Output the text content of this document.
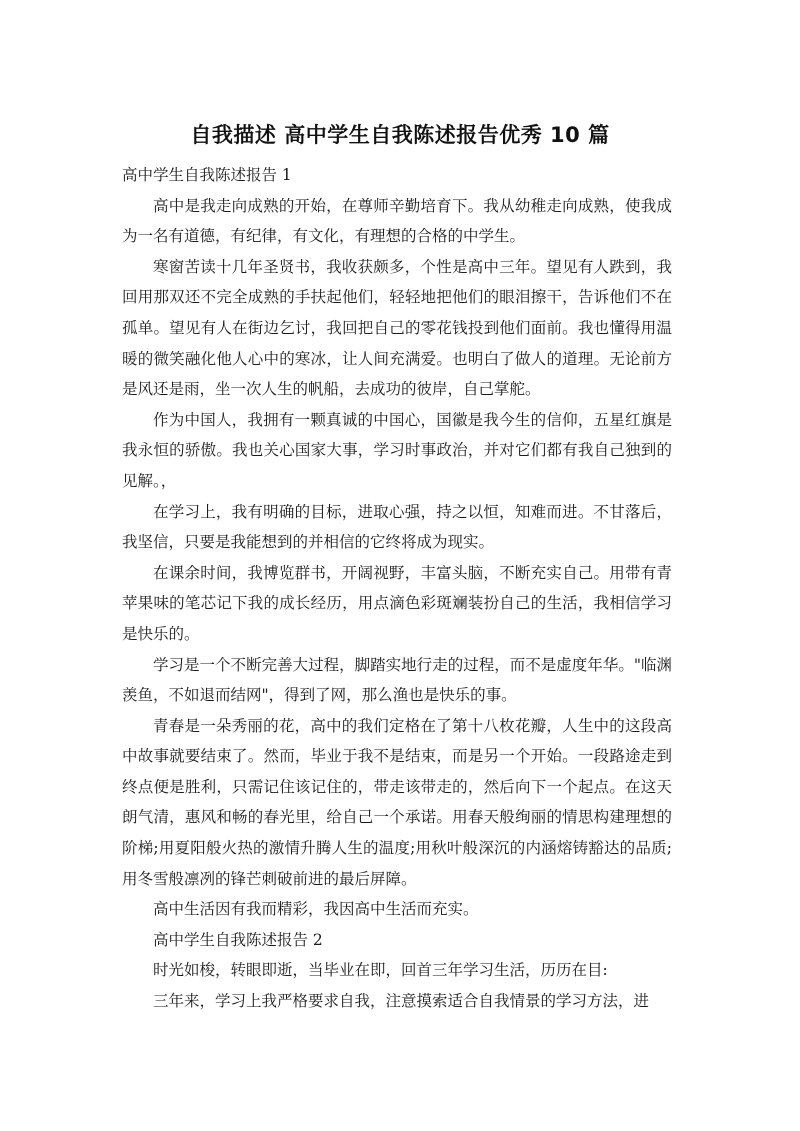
自我描述 高中学生自我陈述报告优秀 10 篇

高中学生自我陈述报告 1

高中是我走向成熟的开始，在尊师辛勤培育下。我从幼稚走向成熟，使我成为一名有道德，有纪律，有文化，有理想的合格的中学生。

寒窗苦读十几年圣贤书，我收获颇多，个性是高中三年。望见有人跌到，我回用那双还不完全成熟的手扶起他们，轻轻地把他们的眼泪擦干，告诉他们不在孤单。望见有人在街边乞讨，我回把自己的零花钱投到他们面前。我也懂得用温暖的微笑融化他人心中的寒冰，让人间充满爱。也明白了做人的道理。无论前方是风还是雨，坐一次人生的帆船，去成功的彼岸，自己掌舵。

作为中国人，我拥有一颗真诚的中国心，国徽是我今生的信仰，五星红旗是我永恒的骄傲。我也关心国家大事，学习时事政治，并对它们都有我自己独到的见解。，

在学习上，我有明确的目标，进取心强，持之以恒，知难而进。不甘落后，我坚信，只要是我能想到的并相信的它终将成为现实。

在课余时间，我博览群书，开阔视野，丰富头脑，不断充实自己。用带有青苹果味的笔芯记下我的成长经历，用点滴色彩斑斓装扮自己的生活，我相信学习是快乐的。

学习是一个不断完善大过程，脚踏实地行走的过程，而不是虚度年华。"临渊羡鱼，不如退而结网"，得到了网，那么渔也是快乐的事。

青春是一朵秀丽的花，高中的我们定格在了第十八枚花瓣，人生中的这段高中故事就要结束了。然而，毕业于我不是结束，而是另一个开始。一段路途走到终点便是胜利，只需记住该记住的，带走该带走的，然后向下一个起点。在这天朗气清，惠风和畅的春光里，给自己一个承诺。用春天般绚丽的情思构建理想的阶梯;用夏阳般火热的激情升腾人生的温度;用秋叶般深沉的内涵熔铸豁达的品质;用冬雪般凛冽的锋芒刺破前进的最后屏障。

高中生活因有我而精彩，我因高中生活而充实。

高中学生自我陈述报告 2

时光如梭，转眼即逝，当毕业在即，回首三年学习生活，历历在目:

三年来，学习上我严格要求自我，注意摸索适合自我情景的学习方法，进
